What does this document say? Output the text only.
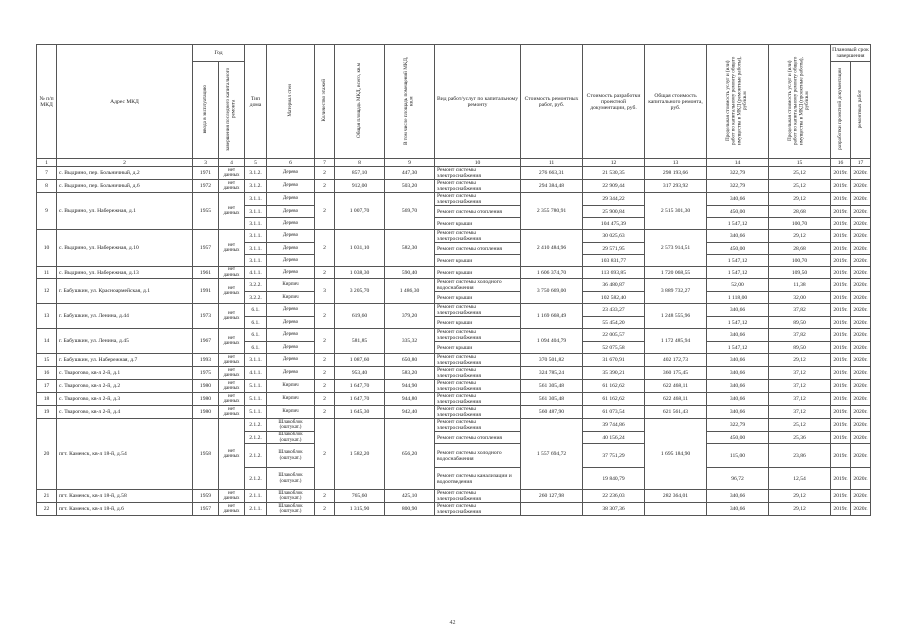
№ п/п МКД	Адрес МКД	Год		Тип дома	Материал стен	Количество этажей	Общая площадь МКД, всего, кв.м	В том числе площадь помещений МКД, кв.м	Вид работ/услуг по капитальному ремонту	Стоимость ремонтных работ, руб.	Стоимость разработки проектной документации, руб.	Общая стоимость капитального ремонта, руб.	Предельная стоимость услуг и (или) работ по капитальному ремонту общего имущества в МКД (ремонтные работы), руб/кв.м	Предельная стоимость услуг и (или) работ по капитальному ремонту общего имущества в МКД (проектные работы), руб/кв.м	Плановый срок завершения	
		ввода в эксплуатацию	завершения последнего капитального ремонта												разработки проектной документации	ремонтных работ
1	2	3	4	5	6	7	8	9	10	11	12	13	14	15	16	17
7	с. Выдрино, пер. Больничный, д.2	1971	нет данных	3.1.2.	Дерево	2	857,10	447,30	Ремонт системы электроснабжения	276 663,31	21 530,35	298 193,66	322,79	25,12	2019г.	2020г.
8	с. Выдрино, пер. Больничный, д.6	1972	нет данных	3.1.2.	Дерево	2	912,00	503,20	Ремонт системы электроснабжения	294 384,48	22 909,44	317 293,92	322,79	25,12	2019г.	2020г.
9	с. Выдрино, ул. Набережная, д.1	1955	нет данных	3.1.1.	Дерево	2	1 007,70	569,70	Ремонт системы электроснабжения	2 355 780,91	29 344,22	2 515 301,30	340,66	29,12	2019г.	2020г.
				3.1.1.	Дерево				Ремонт системы отопления		25 900,84		450,00	28,68	2019г.	2020г.
				3.1.1.	Дерево				Ремонт крыши		104 475,39		1 547,12	100,70	2019г.	2020г.
10	с. Выдрино, ул. Набережная, д.10	1957	нет данных	3.1.1.	Дерево	2	1 031,10	582,30	Ремонт системы электроснабжения	2 410 484,96	30 025,63	2 573 914,51	340,66	29,12	2019г.	2020г.
				3.1.1.	Дерево				Ремонт системы отопления		29 571,95		450,00	28,68	2019г.	2020г.
				3.1.1.	Дерево				Ремонт крыши		103 831,77		1 547,12	100,70	2019г.	2020г.
11	с. Выдрино, ул. Набережная, д.13	1961	нет данных	4.1.1.	Дерево	2	1 038,30	590,40	Ремонт крыши	1 606 374,70	113 693,85	1 720 068,55	1 547,12	109,50	2019г.	2020г.
12	г. Бабушкин, ул. Красноармейская, д.1	1991	нет данных	3.2.2.	Кирпич	3	3 205,70	1 486,30	Ремонт системы холодного водоснабжения	3 750 669,00	36 480,87	3 889 732,27	52,00	11,38	2019г.	2020г.
				3.2.2.	Кирпич				Ремонт крыши		102 582,40		1 118,00	32,00	2019г.	2020г.
13	г. Бабушкин, ул. Ленина, д.44	1973	нет данных	6.1.	Дерево	2	619,60	379,20	Ремонт системы электроснабжения	1 169 668,49	23 433,27	1 248 555,96	340,66	37,82	2019г.	2020г.
				6.1.	Дерево				Ремонт крыши		55 454,20		1 547,12	89,50	2019г.	2020г.
14	г. Бабушкин, ул. Ленина, д.45	1967	нет данных	6.1.	Дерево	2	581,85	335,32	Ремонт системы электроснабжения	1 094 404,79	22 005,57	1 172 485,94	340,66	37,82	2019г.	2020г.
				6.1.	Дерево				Ремонт крыши		52 075,58		1 547,12	89,50	2019г.	2020г.
15	г. Бабушкин, ул. Набережная, д.7	1993	нет данных	3.1.1.	Дерево	2	1 087,60	650,80	Ремонт системы электроснабжения	370 501,82	31 670,91	402 172,73	340,66	29,12	2019г.	2020г.
16	с. Тварогово, кв-л 2-й, д.1	1975	нет данных	4.1.1.	Дерево	2	953,40	583,20	Ремонт системы электроснабжения	324 785,24	35 390,21	360 175,45	340,66	37,12	2019г.	2020г.
17	с. Тварогово, кв-л 2-й, д.2	1980	нет данных	5.1.1.	Кирпич	2	1 647,70	944,90	Ремонт системы электроснабжения	561 305,48	61 162,62	622 468,11	340,66	37,12	2019г.	2020г.
18	с. Тварогово, кв-л 2-й, д.3	1980	нет данных	5.1.1.	Кирпич	2	1 647,70	944,80	Ремонт системы электроснабжения	561 305,48	61 162,62	622 468,11	340,66	37,12	2019г.	2020г.
19	с. Тварогово, кв-л 2-й, д.4	1980	нет данных	5.1.1.	Кирпич	2	1 645,30	942,40	Ремонт системы электроснабжения	560 487,90	61 073,54	621 561,43	340,66	37,12	2019г.	2020г.
20	пгт. Каменск, кв-л 18-й, д.54	1958	нет данных	2.1.2.	Шлакоблок (оштукат.)	2	1 582,20	656,20	Ремонт системы электроснабжения	1 557 694,72	39 744,86	1 695 184,90	322,79	25,12	2019г.	2020г.
				2.1.2.	Шлакоблок (оштукат.)				Ремонт системы отопления		40 156,24		450,00	25,36	2019г.	2020г.
				2.1.2.	Шлакоблок (оштукат.)				Ремонт системы холодного водоснабжения		37 751,29		115,00	23,86	2019г.	2020г.
				2.1.2.	Шлакоблок (оштукат.)				Ремонт системы канализации и водоотведения		19 840,79		96,72	12,54	2019г.	2020г.
21	пгт. Каменск, кв-л 18-й, д.58	1959	нет данных	2.1.1.	Шлакоблок (оштукат.)	2	765,60	425,10	Ремонт системы электроснабжения	260 127,98	22 236,03	282 364,01	340,66	29,12	2019г.	2020г.
22	пгт. Каменск, кв-л 18-й, д.6	1957	нет данных	2.1.1.	Шлакоблок (оштукат.)	2	1 315,90	800,90	Ремонт системы электроснабжения		38 307,36		340,66	29,12	2019г.	2020г.
42
